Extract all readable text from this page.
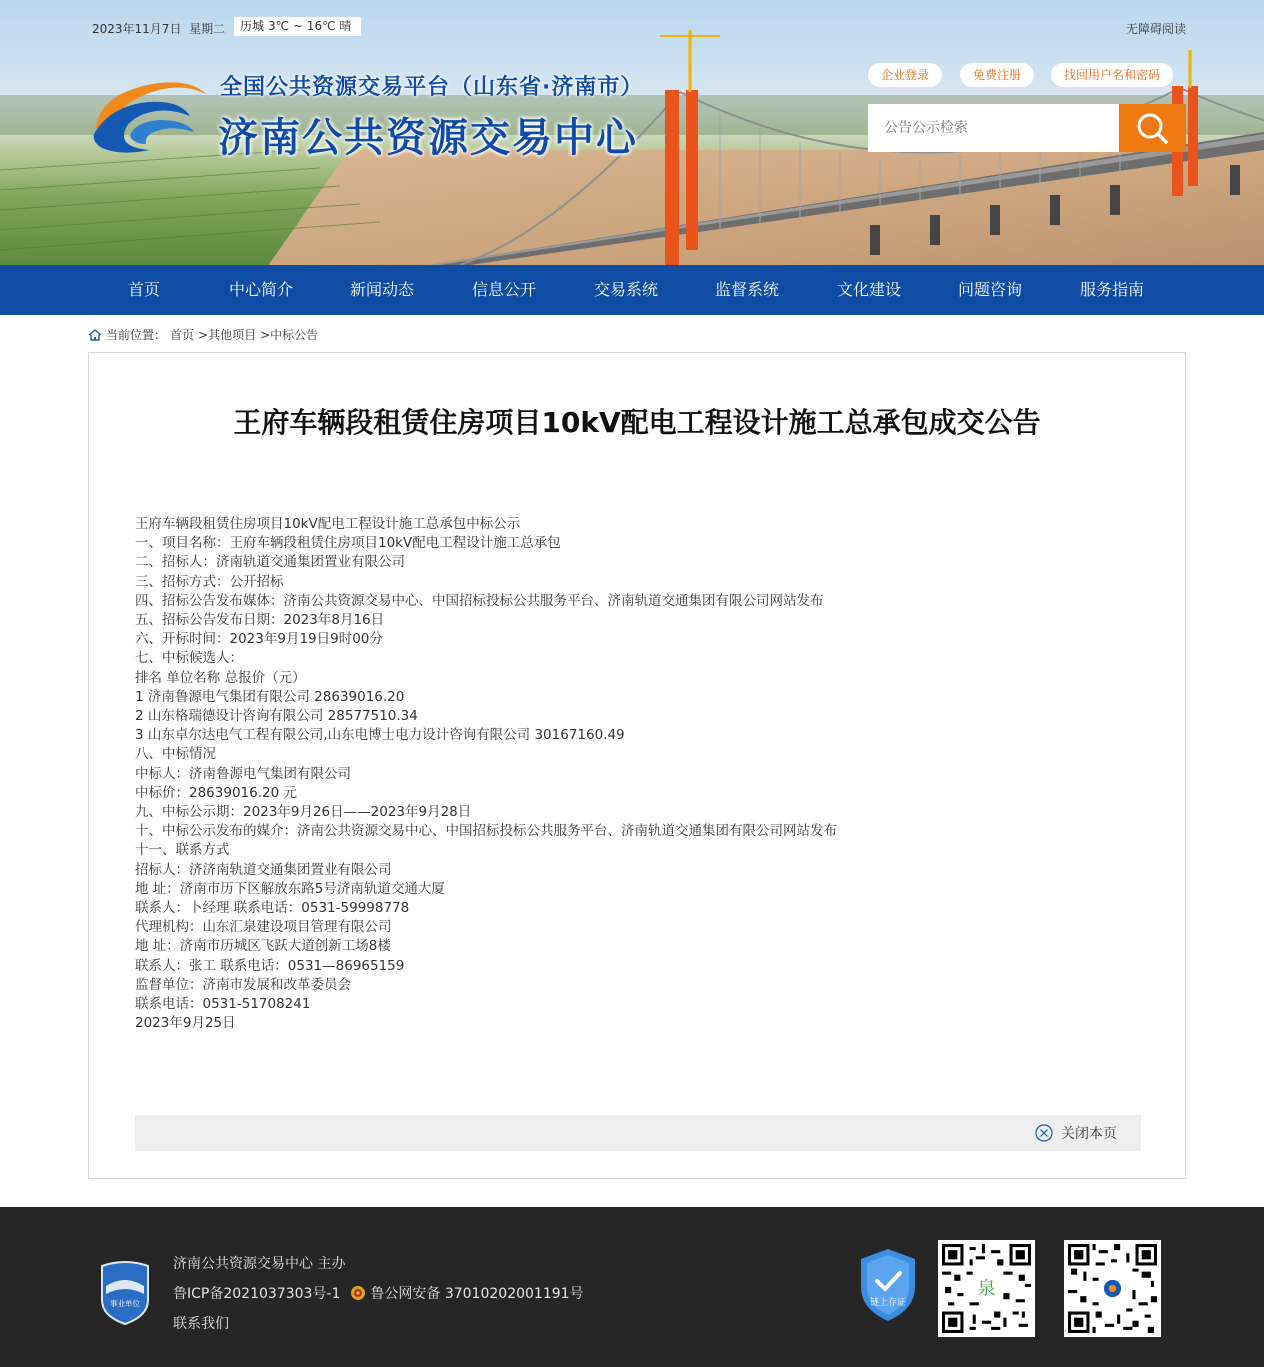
2023年11月7日 星期二	历城 3℃ ~ 16℃ 晴	无障碍阅读
全国公共资源交易平台（山东省·济南市）
济南公共资源交易中心
企业登录	免费注册	找回用户名和密码
公告公示检索
首页	中心简介	新闻动态	信息公开	交易系统	监督系统	文化建设	问题咨询	服务指南
当前位置： 首页 >其他项目 >中标公告
王府车辆段租赁住房项目10kV配电工程设计施工总承包成交公告

王府车辆段租赁住房项目10kV配电工程设计施工总承包中标公示

一、项目名称：王府车辆段租赁住房项目10kV配电工程设计施工总承包

二、招标人：济南轨道交通集团置业有限公司

三、招标方式：公开招标

四、招标公告发布媒体：济南公共资源交易中心、中国招标投标公共服务平台、济南轨道交通集团有限公司网站发布

五、招标公告发布日期：2023年8月16日

六、开标时间：2023年9月19日9时00分

七、中标候选人：

排名 单位名称 总报价（元）

1 济南鲁源电气集团有限公司 28639016.20

2 山东格瑞德设计咨询有限公司 28577510.34

3 山东卓尔达电气工程有限公司,山东电博士电力设计咨询有限公司 30167160.49

八、中标情况

中标人：济南鲁源电气集团有限公司

中标价：28639016.20 元

九、中标公示期：2023年9月26日——2023年9月28日

十、中标公示发布的媒介：济南公共资源交易中心、中国招标投标公共服务平台、济南轨道交通集团有限公司网站发布

十一、联系方式

招标人：济济南轨道交通集团置业有限公司

地 址：济南市历下区解放东路5号济南轨道交通大厦

联系人：卜经理 联系电话：0531-59998778

代理机构：山东汇泉建设项目管理有限公司

地 址：济南市历城区飞跃大道创新工场8楼

联系人：张工 联系电话：0531—86965159

监督单位：济南市发展和改革委员会

联系电话：0531-51708241

2023年9月25日

关闭本页
事业单位
济南公共资源交易中心 主办
鲁ICP备2021037303号-1 鲁公网安备 37010202001191号
联系我们
链上存证
泉
